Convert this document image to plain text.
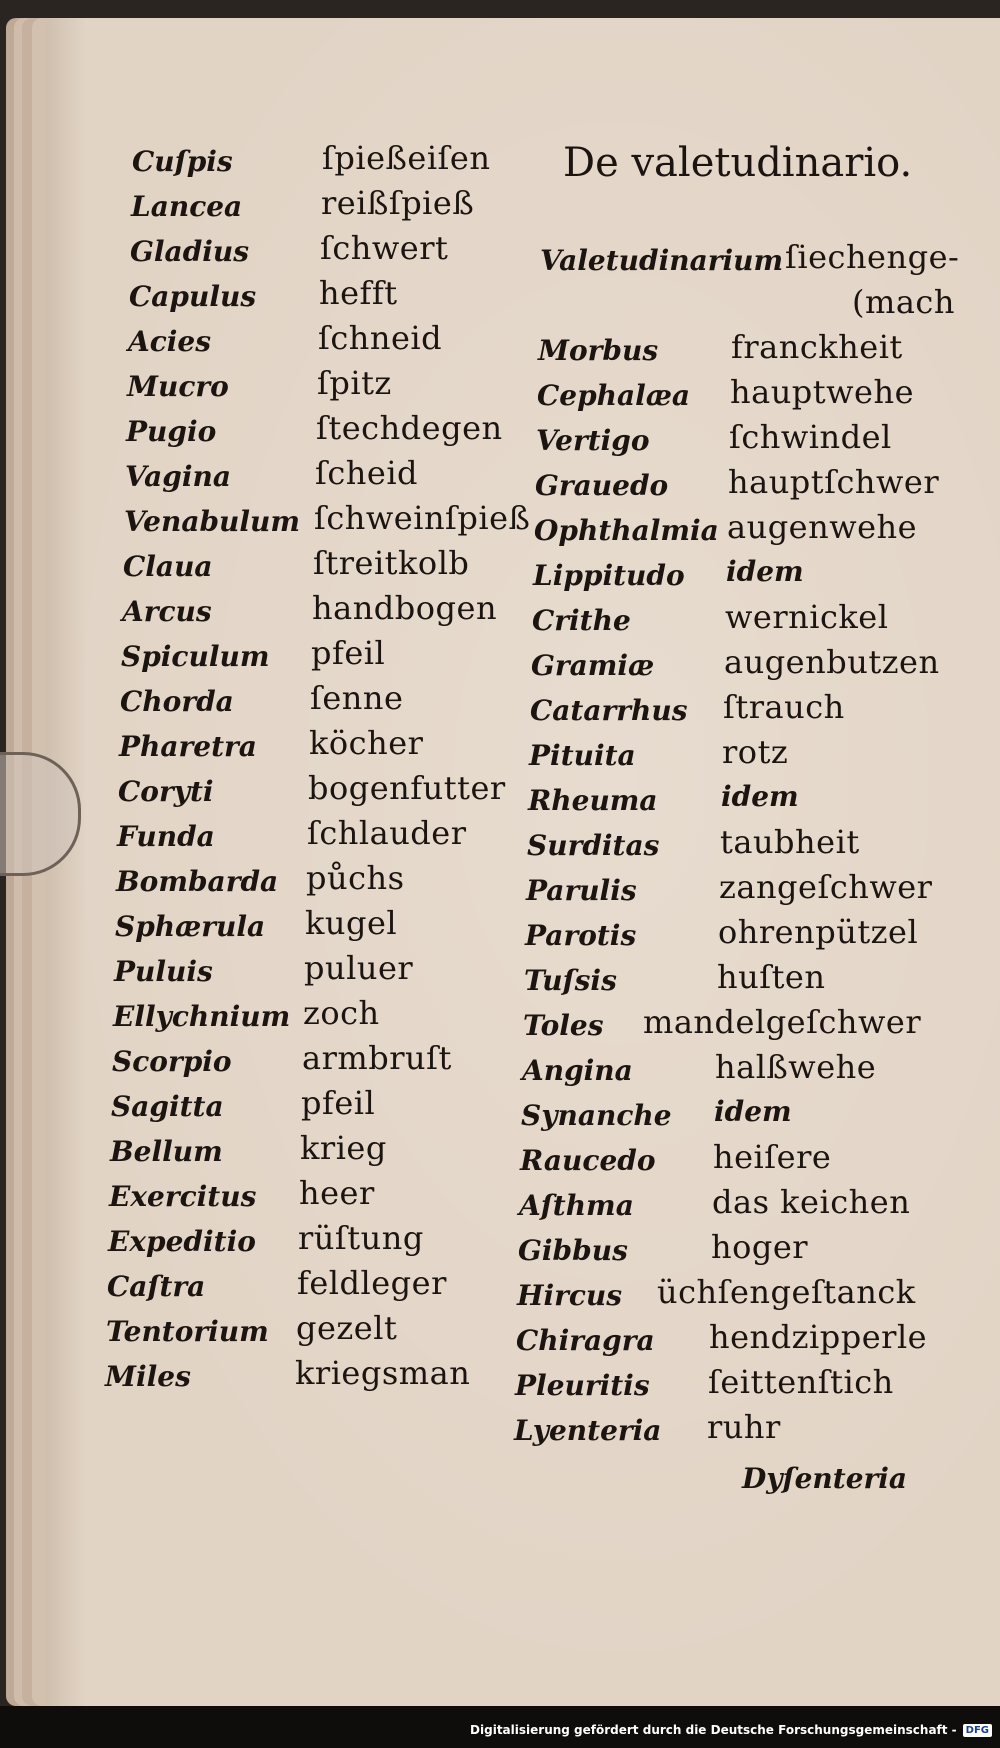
De valetudinario.
Cuſpis	ſpießeiſen
Lancea reißſpieß
Gladius ſchwert
Capulus hefft
Acies	ſchneid
Mucro	ſpitz
Pugio	ſtechdegen
Vagina	ſcheid
Venabulum ſchweinſpieß
Claua	ſtreitkolb
Arcus	handbogen
Spiculum pfeil
Chorda ſenne
Pharetra köcher
Coryti	bogenfutter
Funda	ſchlauder
Bombarda půchs
Sphærula kugel
Puluis	puluer
Ellychnium zoch
Scorpio armbruſt
Sagitta pfeil
Bellum krieg
Exercitus heer
Expeditio rüſtung
Caſtra	feldleger
Tentorium gezelt
Miles	kriegsman
Valetudinarium ſiechenge-
(mach
Morbus franckheit
Cephalæa hauptwehe
Vertigo ſchwindel
Grauedo hauptſchwer
Ophthalmia augenwehe
Lippitudo idem
Crithe	wernickel
Gramiæ augenbutzen
Catarrhus ſtrauch
Pituita	rotz
Rheuma idem
Surditas taubheit
Parulis	zangeſchwer
Parotis	ohrenpützel
Tuſsis	huſten
Toles mandelgeſchwer
Angina	halßwehe
Synanche idem
Raucedo heiſere
Aſthma das keichen
Gibbus	hoger
Hircus üchſengeſtanck
Chiragra hendzipperle
Pleuritis ſeittenſtich
Lyenteria ruhr
Dyſenteria
Digitalisierung gefördert durch die Deutsche Forschungsgemeinschaft - DFG
